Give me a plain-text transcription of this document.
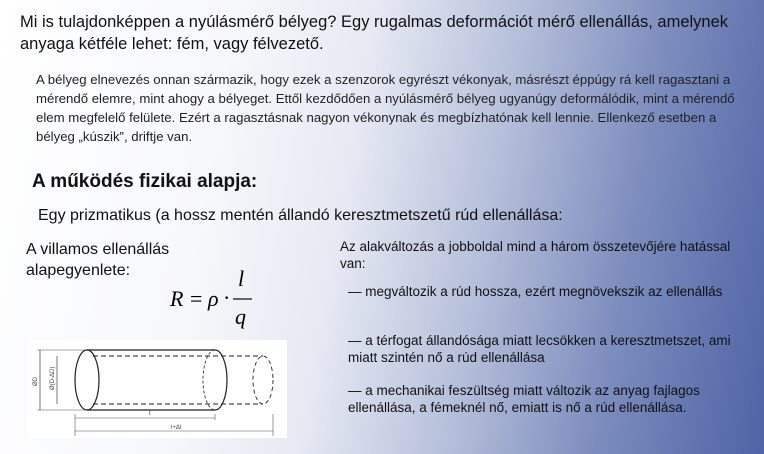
Mi is tulajdonképpen a nyúlásmérő bélyeg? Egy rugalmas deformációt mérő ellenállás, amelynek anyaga kétféle lehet: fém, vagy félvezető.
A bélyeg elnevezés onnan származik, hogy ezek a szenzorok egyrészt vékonyak, másrészt éppúgy rá kell ragasztani a mérendő elemre, mint ahogy a bélyeget. Ettől kezdődően a nyúlásmérő bélyeg ugyanúgy deformálódik, mint a mérendő elem megfelelő felülete. Ezért a ragasztásnak nagyon vékonynak és megbízhatónak kell lennie. Ellenkező esetben a bélyeg „kúszik”, driftje van.
A működés fizikai alapja:
Egy prizmatikus (a hossz mentén állandó keresztmetszetű rúd ellenállása:
A villamos ellenállás alapegyenlete:
R = ρ ·
l
q
Az alakváltozás a jobboldal mind a három összetevőjére hatással van:
— megváltozik a rúd hossza, ezért megnövekszik az ellenállás
— a térfogat állandósága miatt lecsökken a keresztmetszet, ami miatt szintén nő a rúd ellenállása
— a mechanikai feszültség miatt változik az anyag fajlagos ellenállása, a fémeknél nő, emiatt is nő a rúd ellenállása.
ØD Ø(D-ΔD)
l
l+Δl
